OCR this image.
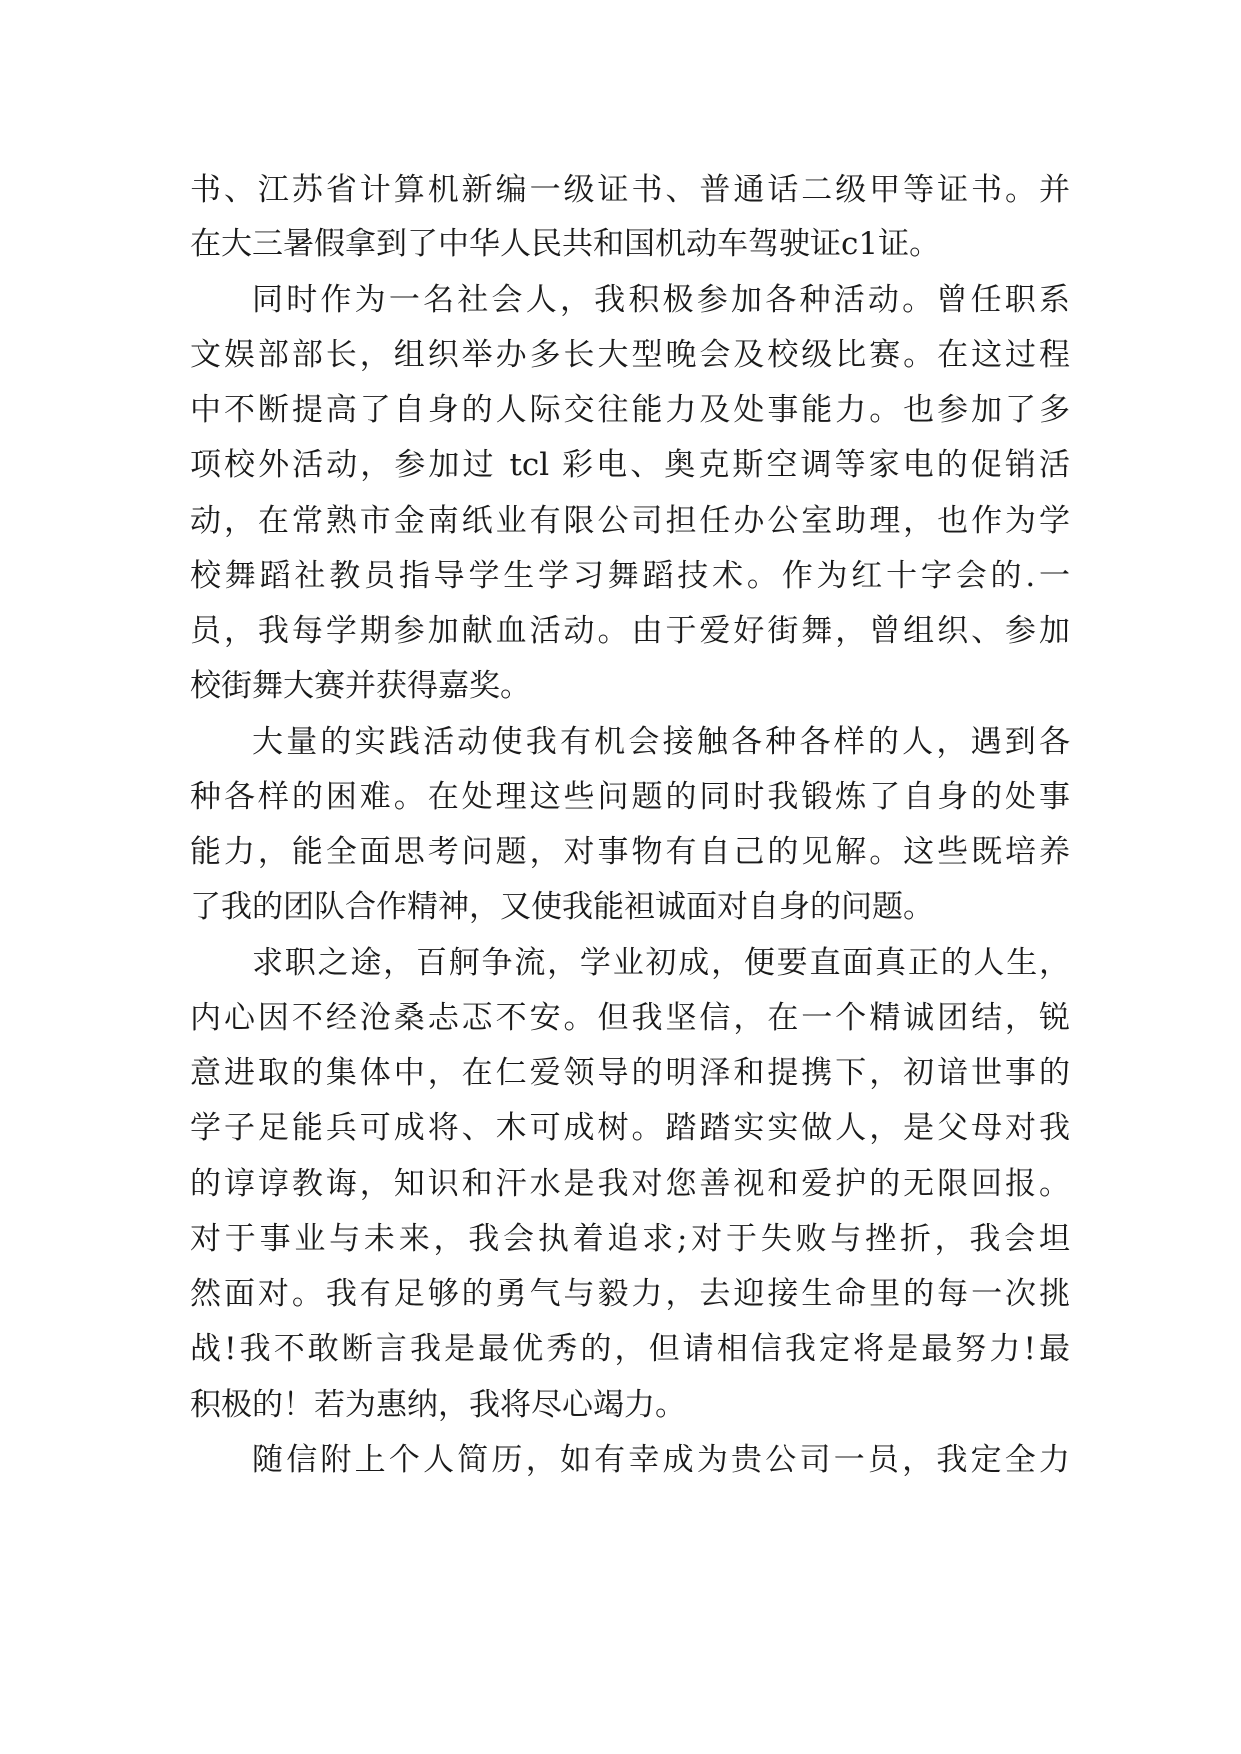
书、江苏省计算机新编一级证书、普通话二级甲等证书。并

在大三暑假拿到了中华人民共和国机动车驾驶证c1证。

同时作为一名社会人，我积极参加各种活动。曾任职系

文娱部部长，组织举办多长大型晚会及校级比赛。在这过程

中不断提高了自身的人际交往能力及处事能力。也参加了多

项校外活动，参加过 tcl 彩电、奥克斯空调等家电的促销活

动，在常熟市金南纸业有限公司担任办公室助理，也作为学

校舞蹈社教员指导学生学习舞蹈技术。作为红十字会的.一

员，我每学期参加献血活动。由于爱好街舞，曾组织、参加

校街舞大赛并获得嘉奖。

大量的实践活动使我有机会接触各种各样的人，遇到各

种各样的困难。在处理这些问题的同时我锻炼了自身的处事

能力，能全面思考问题，对事物有自己的见解。这些既培养

了我的团队合作精神，又使我能袒诚面对自身的问题。

求职之途，百舸争流，学业初成，便要直面真正的人生，

内心因不经沧桑忐忑不安。但我坚信，在一个精诚团结，锐

意进取的集体中，在仁爱领导的明泽和提携下，初谙世事的

学子足能兵可成将、木可成树。踏踏实实做人，是父母对我

的谆谆教诲，知识和汗水是我对您善视和爱护的无限回报。

对于事业与未来，我会执着追求;对于失败与挫折，我会坦

然面对。我有足够的勇气与毅力，去迎接生命里的每一次挑

战!我不敢断言我是最优秀的，但请相信我定将是最努力!最

积极的！若为惠纳，我将尽心竭力。

随信附上个人简历，如有幸成为贵公司一员，我定全力
